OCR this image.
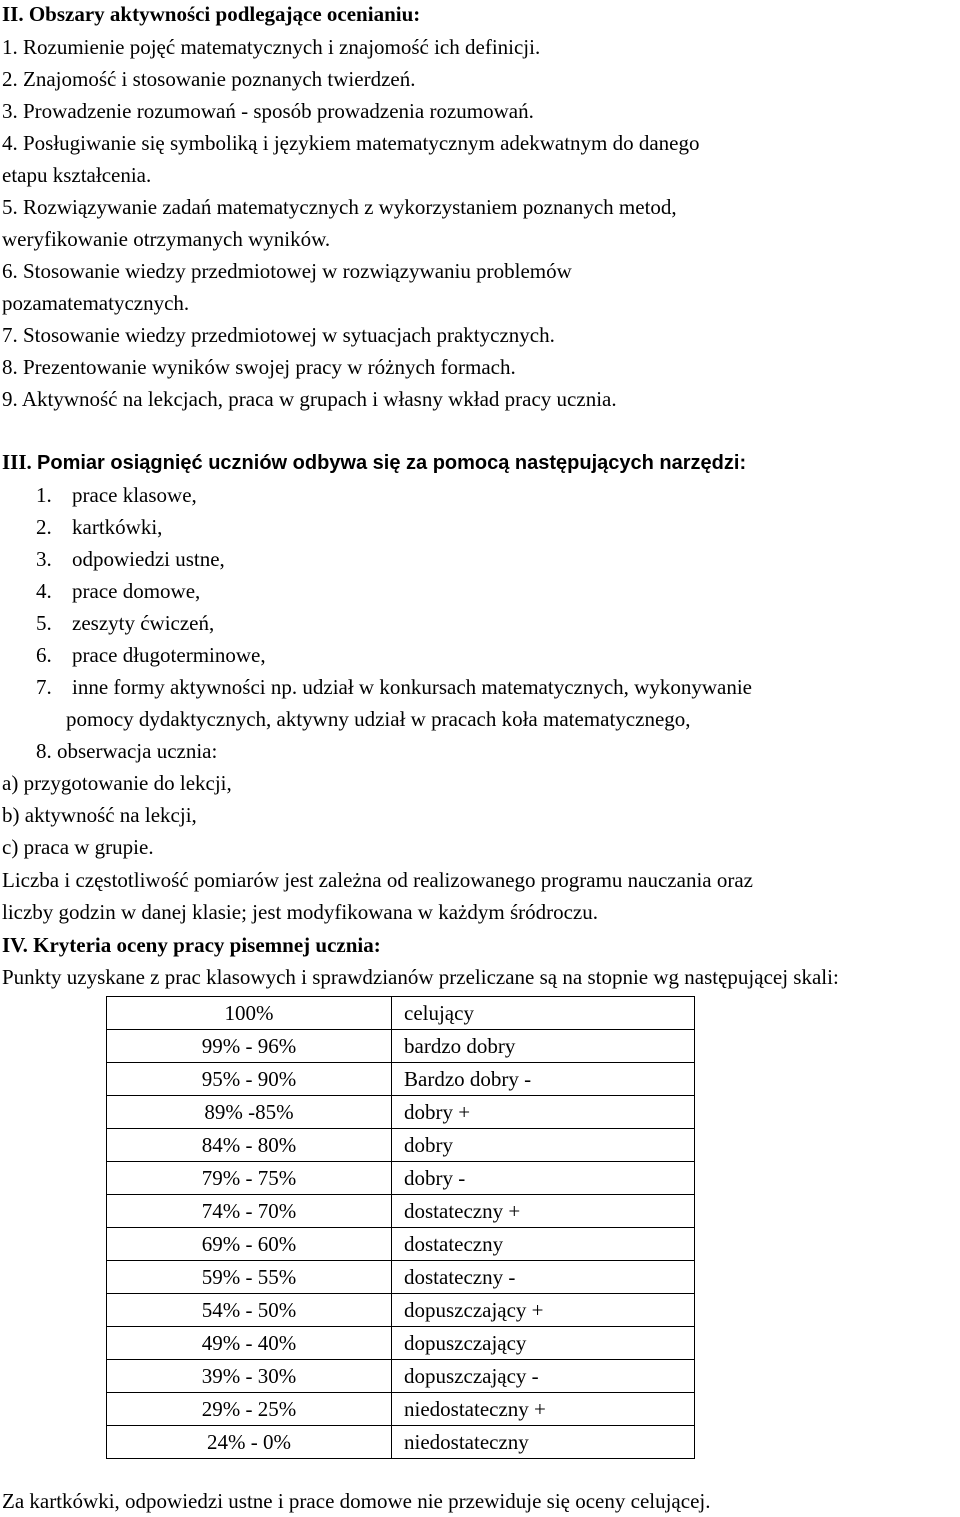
II. Obszary aktywności podlegające ocenianiu:
1. Rozumienie pojęć matematycznych i znajomość ich definicji.
2. Znajomość i stosowanie poznanych twierdzeń.
3. Prowadzenie rozumowań - sposób prowadzenia rozumowań.
4. Posługiwanie się symboliką i językiem matematycznym adekwatnym do danego
etapu kształcenia.
5. Rozwiązywanie zadań matematycznych z wykorzystaniem poznanych metod,
weryfikowanie otrzymanych wyników.
6. Stosowanie wiedzy przedmiotowej w rozwiązywaniu problemów
pozamatematycznych.
7. Stosowanie wiedzy przedmiotowej w sytuacjach praktycznych.
8. Prezentowanie wyników swojej pracy w różnych formach.
9. Aktywność na lekcjach, praca w grupach i własny wkład pracy ucznia.
III. Pomiar osiągnięć uczniów odbywa się za pomocą następujących narzędzi:
1. prace klasowe,
2. kartkówki,
3. odpowiedzi ustne,
4. prace domowe,
5. zeszyty ćwiczeń,
6. prace długoterminowe,
7. inne formy aktywności np. udział w konkursach matematycznych, wykonywanie
pomocy dydaktycznych, aktywny udział w pracach koła matematycznego,
8. obserwacja ucznia:
a) przygotowanie do lekcji,
b) aktywność na lekcji,
c) praca w grupie.
Liczba i częstotliwość pomiarów jest zależna od realizowanego programu nauczania oraz
liczby godzin w danej klasie; jest modyfikowana w każdym śródroczu.
IV. Kryteria oceny pracy pisemnej ucznia:
Punkty uzyskane z prac klasowych i sprawdzianów przeliczane są na stopnie wg następującej skali:
100%	celujący
99% - 96%	bardzo dobry
95% - 90%	Bardzo dobry -
89% -85%	dobry +
84% - 80%	dobry
79% - 75%	dobry -
74% - 70%	dostateczny +
69% - 60%	dostateczny
59% - 55%	dostateczny -
54% - 50%	dopuszczający +
49% - 40%	dopuszczający
39% - 30%	dopuszczający -
29% - 25%	niedostateczny +
24% - 0%	niedostateczny
Za kartkówki, odpowiedzi ustne i prace domowe nie przewiduje się oceny celującej.
